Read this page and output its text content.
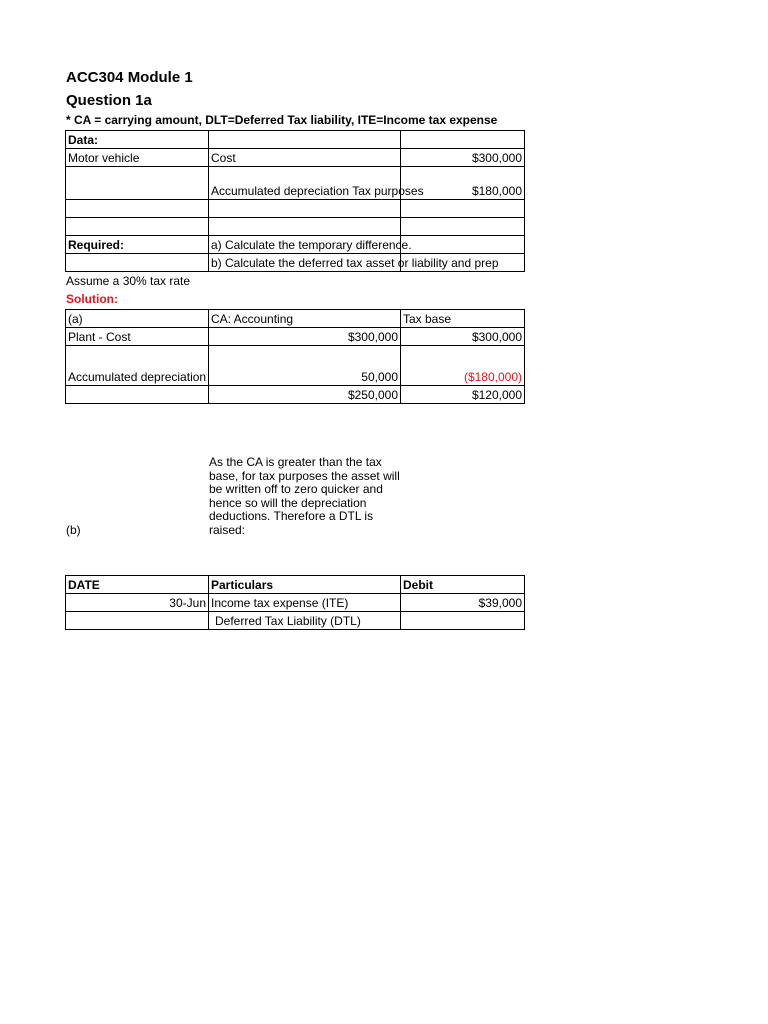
ACC304 Module 1
Question 1a
* CA = carrying amount, DLT=Deferred Tax liability, ITE=Income tax expense
Data:		
Motor vehicle	Cost	$300,000
	Accumulated depreciation Tax purposes	$180,000

Required:	a) Calculate the temporary difference.	
	b) Calculate the deferred tax asset or liability and prep	
Assume a 30% tax rate
Solution:
(a)	CA: Accounting	Tax base
Plant - Cost	$300,000	$300,000
Accumulated depreciation	50,000	($180,000)
	$250,000	$120,000
As the CA is greater than the tax base, for tax purposes the asset will be written off to zero quicker and hence so will the depreciation deductions. Therefore a DTL is raised:
(b)
DATE	Particulars	Debit
30-Jun	Income tax expense (ITE)	$39,000
	Deferred Tax Liability (DTL)	
